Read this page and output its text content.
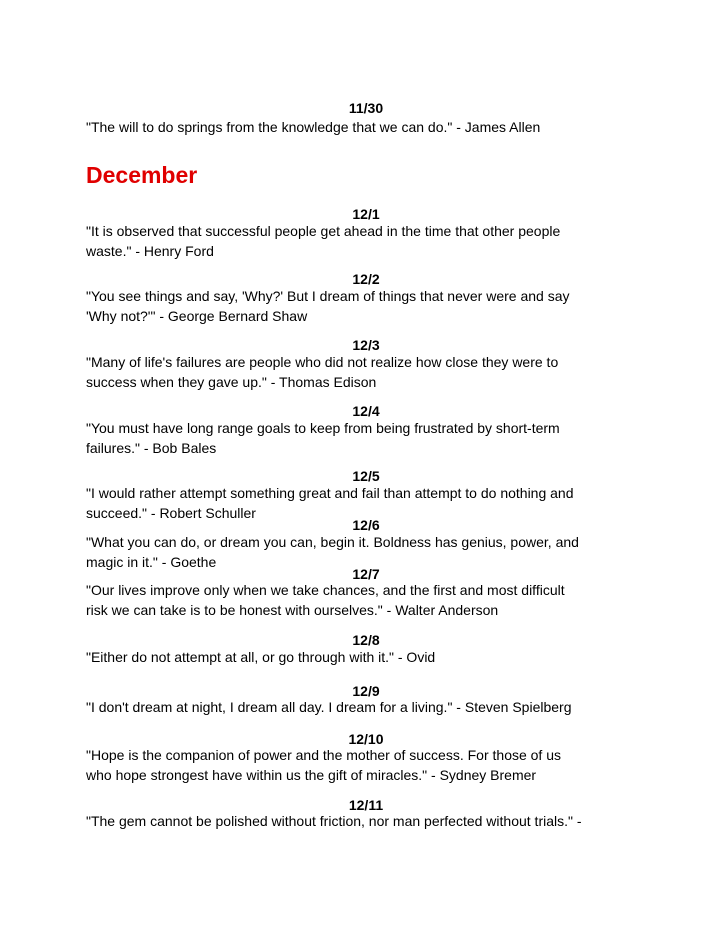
11/30
"The will to do springs from the knowledge that we can do." - James Allen
December
12/1
"It is observed that successful people get ahead in the time that other people
waste." - Henry Ford
12/2
"You see things and say, 'Why?' But I dream of things that never were and say
'Why not?'" - George Bernard Shaw
12/3
"Many of life's failures are people who did not realize how close they were to
success when they gave up." - Thomas Edison
12/4
"You must have long range goals to keep from being frustrated by short-term
failures." - Bob Bales
12/5
"I would rather attempt something great and fail than attempt to do nothing and
succeed." - Robert Schuller
12/6
"What you can do, or dream you can, begin it. Boldness has genius, power, and
magic in it." - Goethe
12/7
"Our lives improve only when we take chances, and the first and most difficult
risk we can take is to be honest with ourselves." - Walter Anderson
12/8
"Either do not attempt at all, or go through with it." - Ovid
12/9
"I don't dream at night, I dream all day. I dream for a living." - Steven Spielberg
12/10
"Hope is the companion of power and the mother of success. For those of us
who hope strongest have within us the gift of miracles." - Sydney Bremer
12/11
"The gem cannot be polished without friction, nor man perfected without trials." -
